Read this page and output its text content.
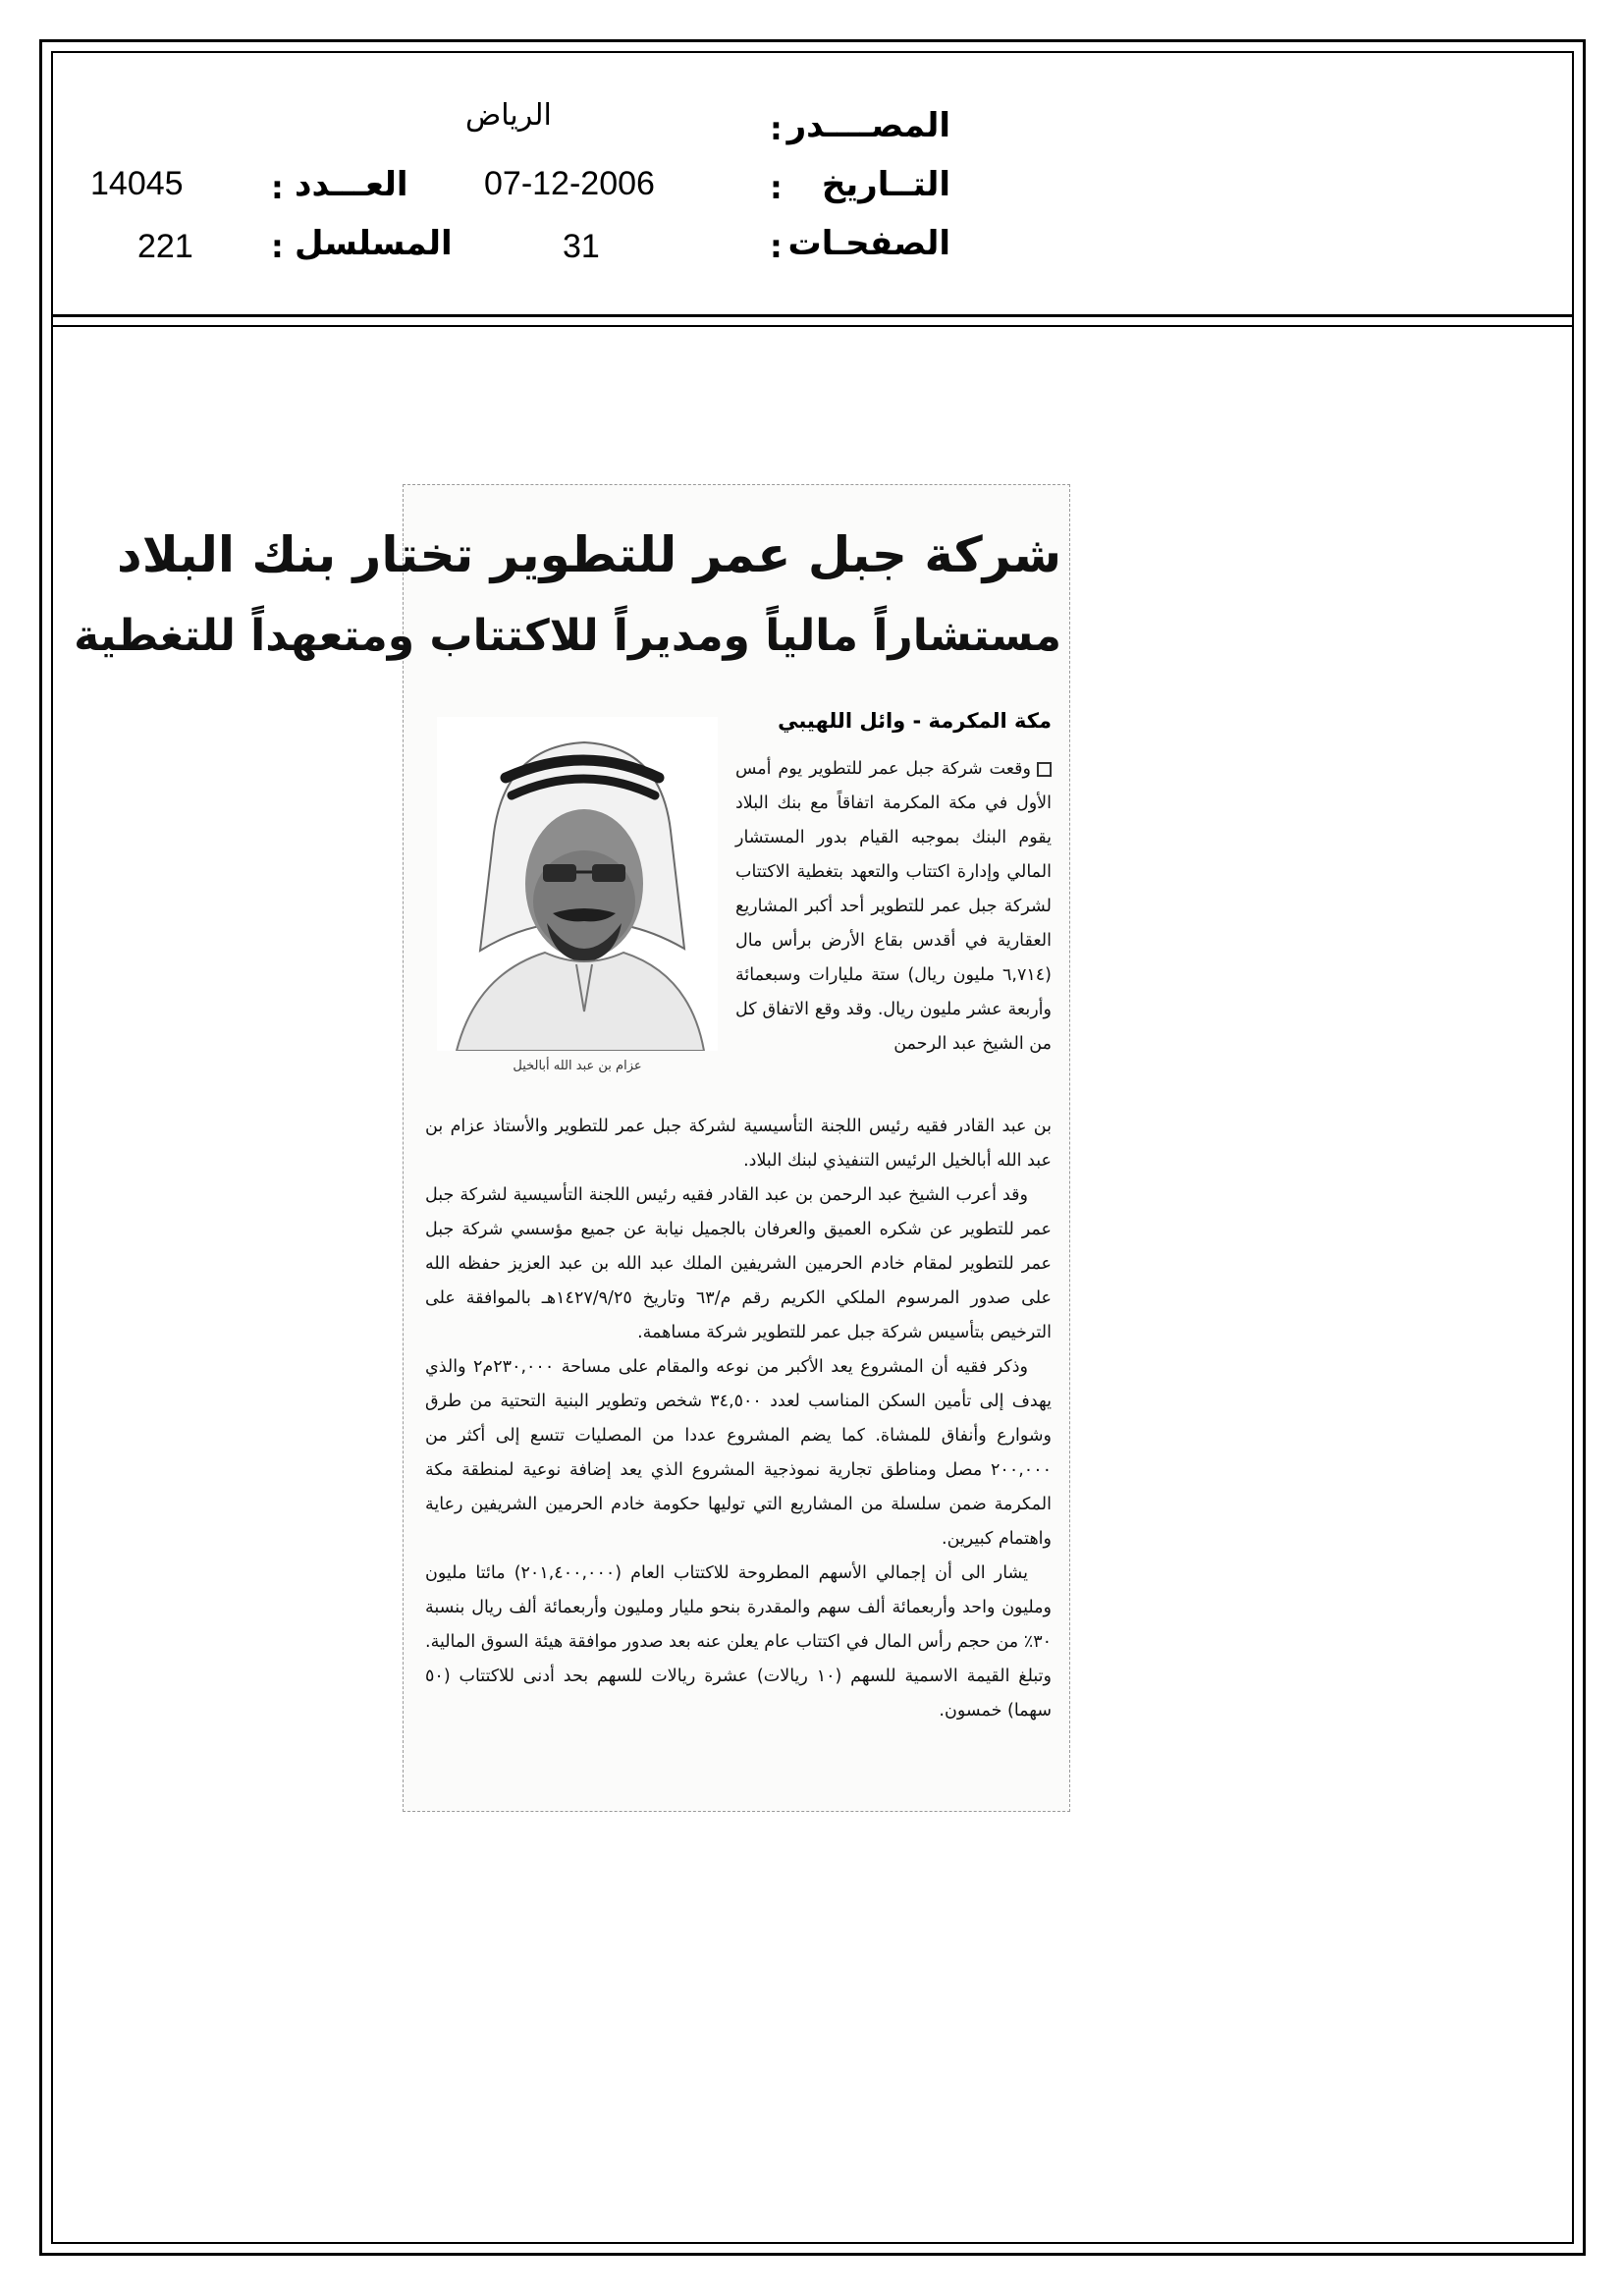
المصــــدر
:
الرياض
التــاريخ
:
07-12-2006
الصفحـات
:
31
العـــدد
:
14045
المسلسل
:
221
شركة جبل عمر للتطوير تختار بنك البلاد
مستشاراً مالياً ومديراً للاكتتاب ومتعهداً للتغطية
مكة المكرمة - وائل اللهيبي
عزام بن عبد الله أبالخيل

وقعت شركة جبل عمر للتطوير يوم أمس الأول في مكة المكرمة اتفاقاً مع بنك البلاد يقوم البنك بموجبه القيام بدور المستشار المالي وإدارة اكتتاب والتعهد بتغطية الاكتتاب لشركة جبل عمر للتطوير أحد أكبر المشاريع العقارية في أقدس بقاع الأرض برأس مال (٦,٧١٤ مليون ريال) ستة مليارات وسبعمائة وأربعة عشر مليون ريال. وقد وقع الاتفاق كل من الشيخ عبد الرحمن

بن عبد القادر فقيه رئيس اللجنة التأسيسية لشركة جبل عمر للتطوير والأستاذ عزام بن عبد الله أبالخيل الرئيس التنفيذي لبنك البلاد.

وقد أعرب الشيخ عبد الرحمن بن عبد القادر فقيه رئيس اللجنة التأسيسية لشركة جبل عمر للتطوير عن شكره العميق والعرفان بالجميل نيابة عن جميع مؤسسي شركة جبل عمر للتطوير لمقام خادم الحرمين الشريفين الملك عبد الله بن عبد العزيز حفظه الله على صدور المرسوم الملكي الكريم رقم م/٦٣ وتاريخ ١٤٢٧/٩/٢٥هـ بالموافقة على الترخيص بتأسيس شركة جبل عمر للتطوير شركة مساهمة.

وذكر فقيه أن المشروع يعد الأكبر من نوعه والمقام على مساحة ٢٣٠,٠٠٠م٢ والذي يهدف إلى تأمين السكن المناسب لعدد ٣٤,٥٠٠ شخص وتطوير البنية التحتية من طرق وشوارع وأنفاق للمشاة. كما يضم المشروع عددا من المصليات تتسع إلى أكثر من ٢٠٠,٠٠٠ مصل ومناطق تجارية نموذجية المشروع الذي يعد إضافة نوعية لمنطقة مكة المكرمة ضمن سلسلة من المشاريع التي توليها حكومة خادم الحرمين الشريفين رعاية واهتمام كبيرين.

يشار الى أن إجمالي الأسهم المطروحة للاكتتاب العام (٢٠١,٤٠٠,٠٠٠) مائتا مليون ومليون واحد وأربعمائة ألف سهم والمقدرة بنحو مليار ومليون وأربعمائة ألف ريال بنسبة ٣٠٪ من حجم رأس المال في اكتتاب عام يعلن عنه بعد صدور موافقة هيئة السوق المالية. وتبلغ القيمة الاسمية للسهم (١٠ ريالات) عشرة ريالات للسهم بحد أدنى للاكتتاب (٥٠ سهما) خمسون.
